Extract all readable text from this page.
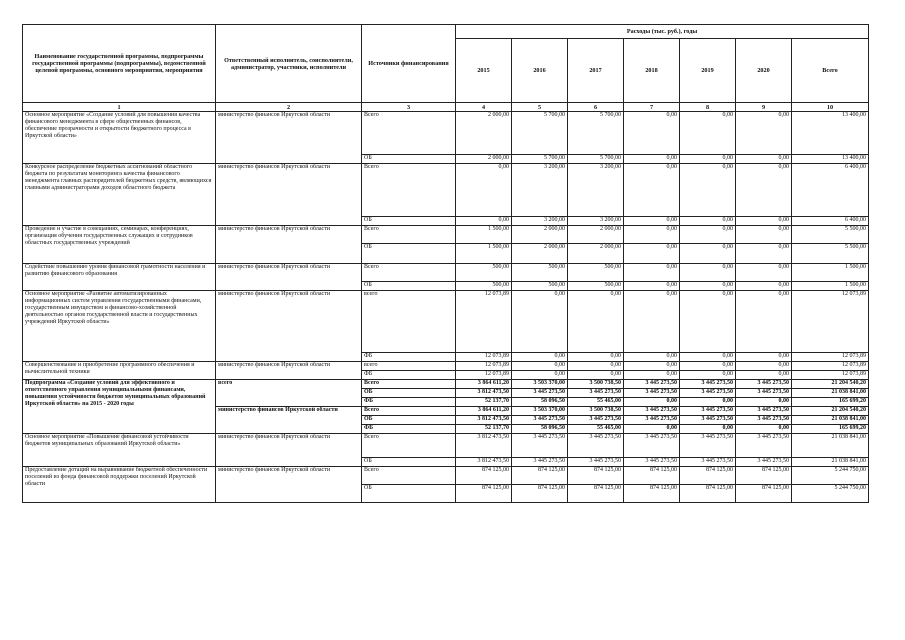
Наименование государственной программы, подпрограммы государственной программы (подпрограммы), ведомственной целевой программы, основного мероприятия, мероприятия	Ответственный исполнитель, соисполнители, администратор, участники, исполнители	Источники финансирования	Расходы (тыс. руб.), годы						
			2015	2016	2017	2018	2019	2020	Всего
1	2	3	4	5	6	7	8	9	10
Основное мероприятие «Создание условий для повышения качества финансового менеджмента в сфере общественных финансов, обеспечение прозрачности и открытости бюджетного процесса в Иркутской области»	министерство финансов Иркутской области	Всего	2 000,00	5 700,00	5 700,00	0,00	0,00	0,00	13 400,00
		ОБ	2 000,00	5 700,00	5 700,00	0,00	0,00	0,00	13 400,00
Конкурсное распределение бюджетных ассигнований областного бюджета по результатам мониторинга качества финансового менеджмента главных распорядителей бюджетных средств, являющихся главными администраторами доходов областного бюджета	министерство финансов Иркутской области	Всего	0,00	3 200,00	3 200,00	0,00	0,00	0,00	6 400,00
		ОБ	0,00	3 200,00	3 200,00	0,00	0,00	0,00	6 400,00
Проведение и участие в совещаниях, семинарах, конференциях, организация обучения государственных служащих и сотрудников областных государственных учреждений	министерство финансов Иркутской области	Всего	1 500,00	2 000,00	2 000,00	0,00	0,00	0,00	5 500,00
		ОБ	1 500,00	2 000,00	2 000,00	0,00	0,00	0,00	5 500,00
Содействие повышению уровня финансовой грамотности населения и развитию финансового образования	министерство финансов Иркутской области	Всего	500,00	500,00	500,00	0,00	0,00	0,00	1 500,00
		ОБ	500,00	500,00	500,00	0,00	0,00	0,00	1 500,00
Основное мероприятие «Развитие автоматизированных информационных систем управления государственными финансами, государственным имуществом и финансово-хозяйственной деятельностью органов государственной власти и государственных учреждений Иркутской области»	министерство финансов Иркутской области	всего	12 073,89	0,00	0,00	0,00	0,00	0,00	12 073,89
		ФБ	12 073,89	0,00	0,00	0,00	0,00	0,00	12 073,89
Совершенствование и приобретение программного обеспечения и вычислительной техники	министерство финансов Иркутской области	всего	12 073,89	0,00	0,00	0,00	0,00	0,00	12 073,89
		ФБ	12 073,89	0,00	0,00	0,00	0,00	0,00	12 073,89
Подпрограмма «Создание условий для эффективного и ответственного управления муниципальными финансами, повышения устойчивости бюджетов муниципальных образований Иркутской области» на 2015 - 2020 годы	всего	Всего	3 864 611,20	3 503 370,00	3 500 738,50	3 445 273,50	3 445 273,50	3 445 273,50	21 204 540,20
		ОБ	3 812 473,50	3 445 273,50	3 445 273,50	3 445 273,50	3 445 273,50	3 445 273,50	21 038 841,00
		ФБ	52 137,70	58 096,50	55 465,00	0,00	0,00	0,00	165 699,20
	министерство финансов Иркутской области	Всего	3 864 611,20	3 503 370,00	3 500 738,50	3 445 273,50	3 445 273,50	3 445 273,50	21 204 540,20
		ОБ	3 812 473,50	3 445 273,50	3 445 273,50	3 445 273,50	3 445 273,50	3 445 273,50	21 038 841,00
		ФБ	52 137,70	58 096,50	55 465,00	0,00	0,00	0,00	165 699,20
Основное мероприятие «Повышение финансовой устойчивости бюджетов муниципальных образований Иркутской области»	министерство финансов Иркутской области	Всего	3 812 473,50	3 445 273,50	3 445 273,50	3 445 273,50	3 445 273,50	3 445 273,50	21 038 841,00
		ОБ	3 812 473,50	3 445 273,50	3 445 273,50	3 445 273,50	3 445 273,50	3 445 273,50	21 038 841,00
Предоставление дотаций на выравнивание бюджетной обеспеченности поселений из фонда финансовой поддержки поселений Иркутской области	министерство финансов Иркутской области	Всего	874 125,00	874 125,00	874 125,00	874 125,00	874 125,00	874 125,00	5 244 750,00
		ОБ	874 125,00	874 125,00	874 125,00	874 125,00	874 125,00	874 125,00	5 244 750,00
